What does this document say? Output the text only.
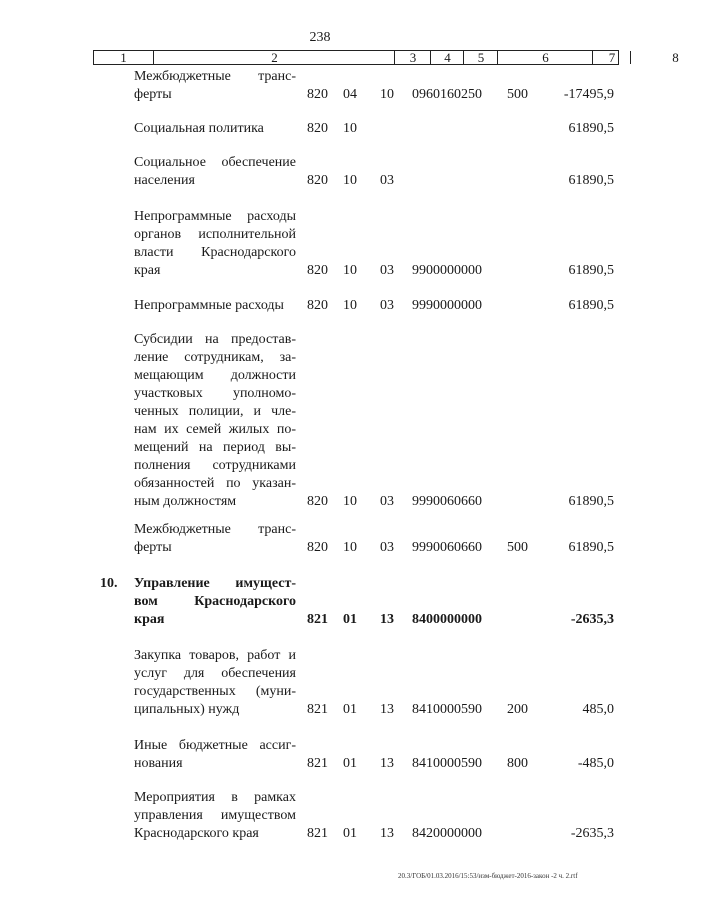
238
1	2	3	4	5	6	7	8
Межбюджетные транс-
ферты	820 04 10 0960160250 500	-17495,9
Социальная политика	820 10	61890,5
Социальное обеспечение
населения	820 10 03	61890,5
Непрограммные расходы
органов исполнительной
власти Краснодарского
края	820 10 03 9900000000	61890,5
Непрограммные расходы	820 10 03 9990000000	61890,5
Субсидии на предостав-
ление сотрудникам, за-
мещающим должности
участковых уполномо-
ченных полиции, и чле-
нам их семей жилых по-
мещений на период вы-
полнения сотрудниками
обязанностей по указан-
ным должностям	820 10 03 9990060660	61890,5
Межбюджетные транс-
ферты	820 10 03 9990060660 500	61890,5
10.	Управление имущест-
вом Краснодарского
края	821 01 13 8400000000	-2635,3
Закупка товаров, работ и
услуг для обеспечения
государственных (муни-
ципальных) нужд	821 01 13 8410000590 200	485,0
Иные бюджетные ассиг-
нования	821 01 13 8410000590 800	-485,0
Мероприятия в рамках
управления имуществом
Краснодарского края	821 01 13 8420000000	-2635,3
20.3/ГОБ/01.03.2016/15:53/изм-бюджет-2016-закон -2 ч. 2.rtf
